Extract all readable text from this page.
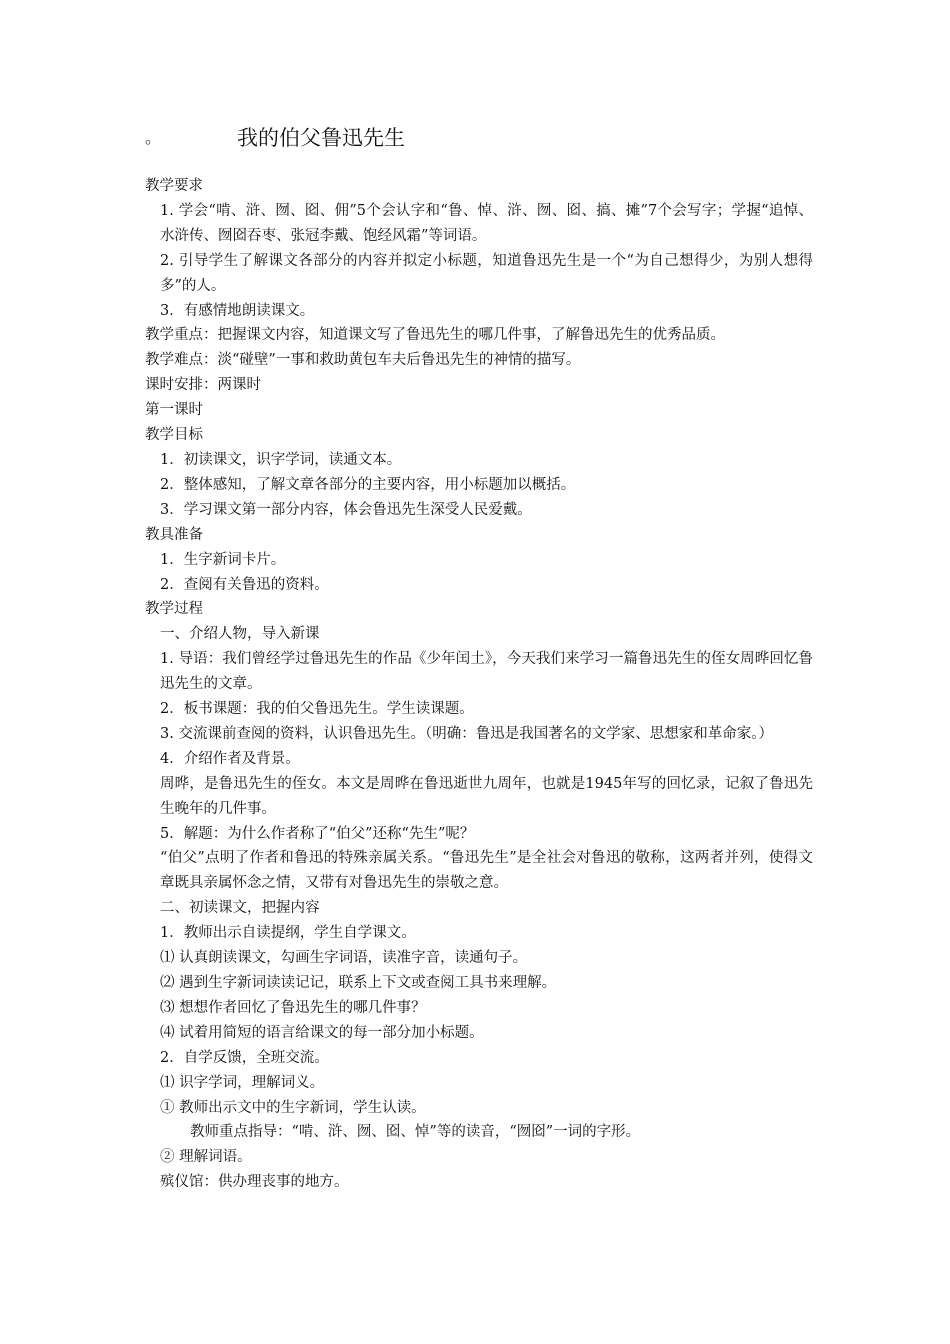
。	我的伯父鲁迅先生
教学要求
1. 学会“啃、浒、囫、囵、佣”5个会认字和“鲁、悼、浒、囫、囵、搞、摊”7个会写字；学握“追悼、水浒传、囫囵吞枣、张冠李戴、饱经风霜”等词语。
2. 引导学生了解课文各部分的内容并拟定小标题，知道鲁迅先生是一个“为自己想得少，为别人想得多”的人。
3．有感情地朗读课文。
教学重点：把握课文内容，知道课文写了鲁迅先生的哪几件事，了解鲁迅先生的优秀品质。
教学难点：淡“碰壁”一事和救助黄包车夫后鲁迅先生的神情的描写。
课时安排：两课时
第一课时
教学目标
1．初读课文，识字学词，读通文本。
2．整体感知，了解文章各部分的主要内容，用小标题加以概括。
3．学习课文第一部分内容，体会鲁迅先生深受人民爱戴。
教具准备
1．生字新词卡片。
2．查阅有关鲁迅的资料。
教学过程
一、介绍人物，导入新课
1. 导语：我们曾经学过鲁迅先生的作品《少年闰土》，今天我们来学习一篇鲁迅先生的侄女周晔回忆鲁迅先生的文章。
2．板书课题：我的伯父鲁迅先生。学生读课题。
3. 交流课前查阅的资料，认识鲁迅先生。（明确：鲁迅是我国著名的文学家、思想家和革命家。）
4．介绍作者及背景。
周晔，是鲁迅先生的侄女。本文是周晔在鲁迅逝世九周年，也就是1945年写的回忆录，记叙了鲁迅先生晚年的几件事。
5．解题：为什么作者称了“伯父”还称“先生”呢？
“伯父”点明了作者和鲁迅的特殊亲属关系。“鲁迅先生”是全社会对鲁迅的敬称，这两者并列，使得文章既具亲属怀念之情，又带有对鲁迅先生的崇敬之意。
二、初读课文，把握内容
1．教师出示自读提纲，学生自学课文。
⑴ 认真朗读课文，勾画生字词语，读准字音，读通句子。
⑵ 遇到生字新词读读记记，联系上下文或查阅工具书来理解。
⑶ 想想作者回忆了鲁迅先生的哪几件事？
⑷ 试着用简短的语言给课文的每一部分加小标题。
2．自学反馈，全班交流。
⑴ 识字学词，理解词义。
① 教师出示文中的生字新词，学生认读。
教师重点指导：“啃、浒、囫、囵、悼”等的读音，“囫囵”一词的字形。
② 理解词语。
殡仪馆：供办理丧事的地方。
